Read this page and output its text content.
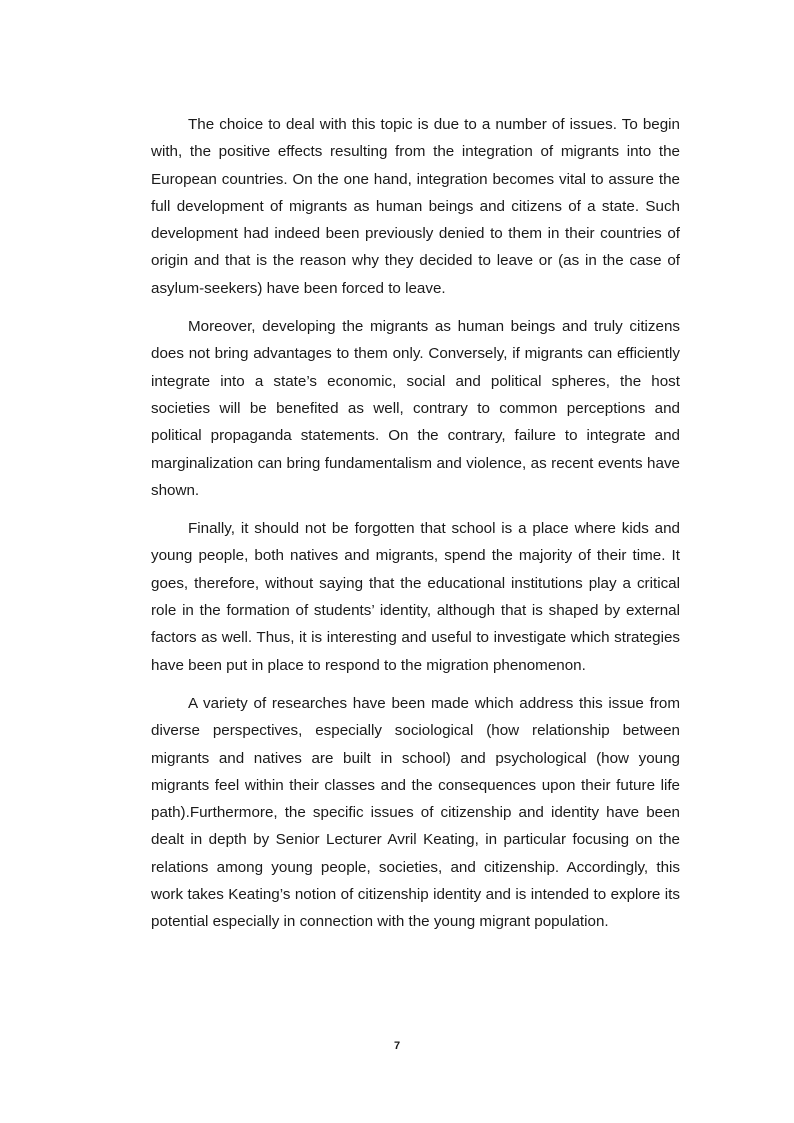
The choice to deal with this topic is due to a number of issues. To begin with, the positive effects resulting from the integration of migrants into the European countries. On the one hand, integration becomes vital to assure the full development of migrants as human beings and citizens of a state. Such development had indeed been previously denied to them in their countries of origin and that is the reason why they decided to leave or (as in the case of asylum-seekers) have been forced to leave.

Moreover, developing the migrants as human beings and truly citizens does not bring advantages to them only. Conversely, if migrants can efficiently integrate into a state’s economic, social and political spheres, the host societies will be benefited as well, contrary to common perceptions and political propaganda statements. On the contrary, failure to integrate and marginalization can bring fundamentalism and violence, as recent events have shown.

Finally, it should not be forgotten that school is a place where kids and young people, both natives and migrants, spend the majority of their time. It goes, therefore, without saying that the educational institutions play a critical role in the formation of students’ identity, although that is shaped by external factors as well. Thus, it is interesting and useful to investigate which strategies have been put in place to respond to the migration phenomenon.

A variety of researches have been made which address this issue from diverse perspectives, especially sociological (how relationship between migrants and natives are built in school) and psychological (how young migrants feel within their classes and the consequences upon their future life path).Furthermore, the specific issues of citizenship and identity have been dealt in depth by Senior Lecturer Avril Keating, in particular focusing on the relations among young people, societies, and citizenship. Accordingly, this work takes Keating’s notion of citizenship identity and is intended to explore its potential especially in connection with the young migrant population.

7
